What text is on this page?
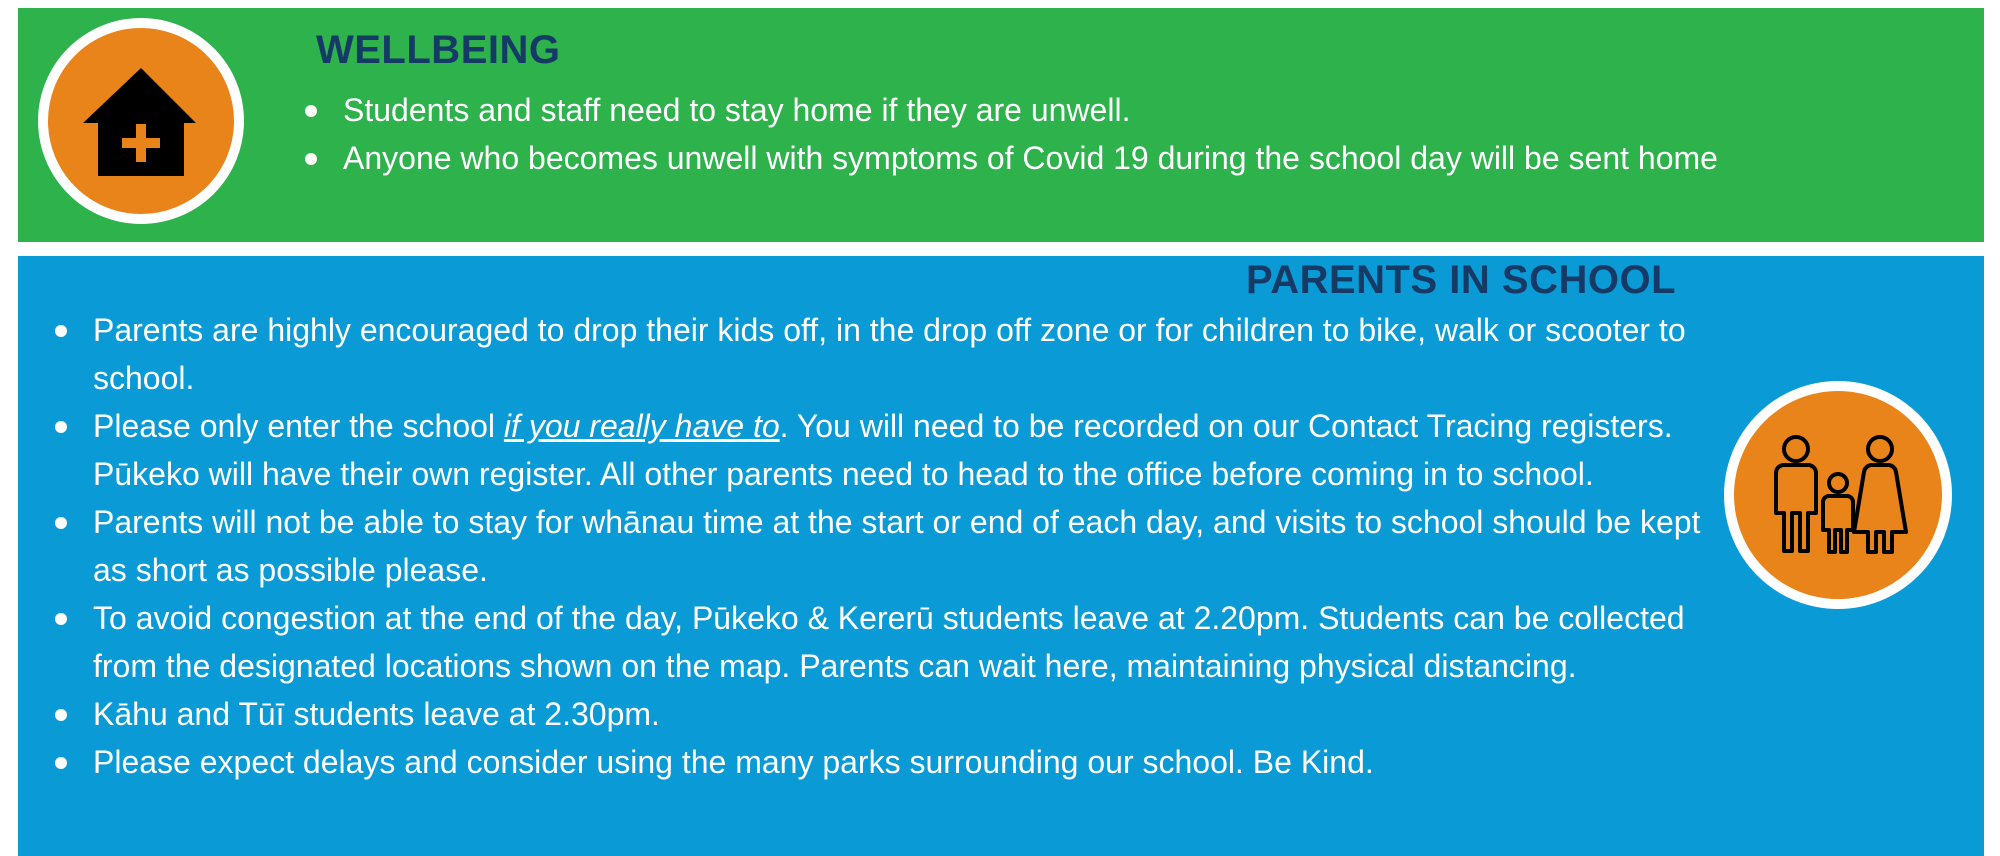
WELLBEING
Students and staff need to stay home if they are unwell.
Anyone who becomes unwell with symptoms of Covid 19 during the school day will be sent home
PARENTS IN SCHOOL
Parents are highly encouraged to drop their kids off, in the drop off zone or for children to bike, walk or scooter to school.
Please only enter the school if you really have to. You will need to be recorded on our Contact Tracing registers. Pūkeko will have their own register. All other parents need to head to the office before coming in to school.
Parents will not be able to stay for whānau time at the start or end of each day, and visits to school should be kept as short as possible please.
To avoid congestion at the end of the day, Pūkeko & Kererū students leave at 2.20pm. Students can be collected from the designated locations shown on the map. Parents can wait here, maintaining physical distancing.
Kāhu and Tūī students leave at 2.30pm.
Please expect delays and consider using the many parks surrounding our school. Be Kind.
